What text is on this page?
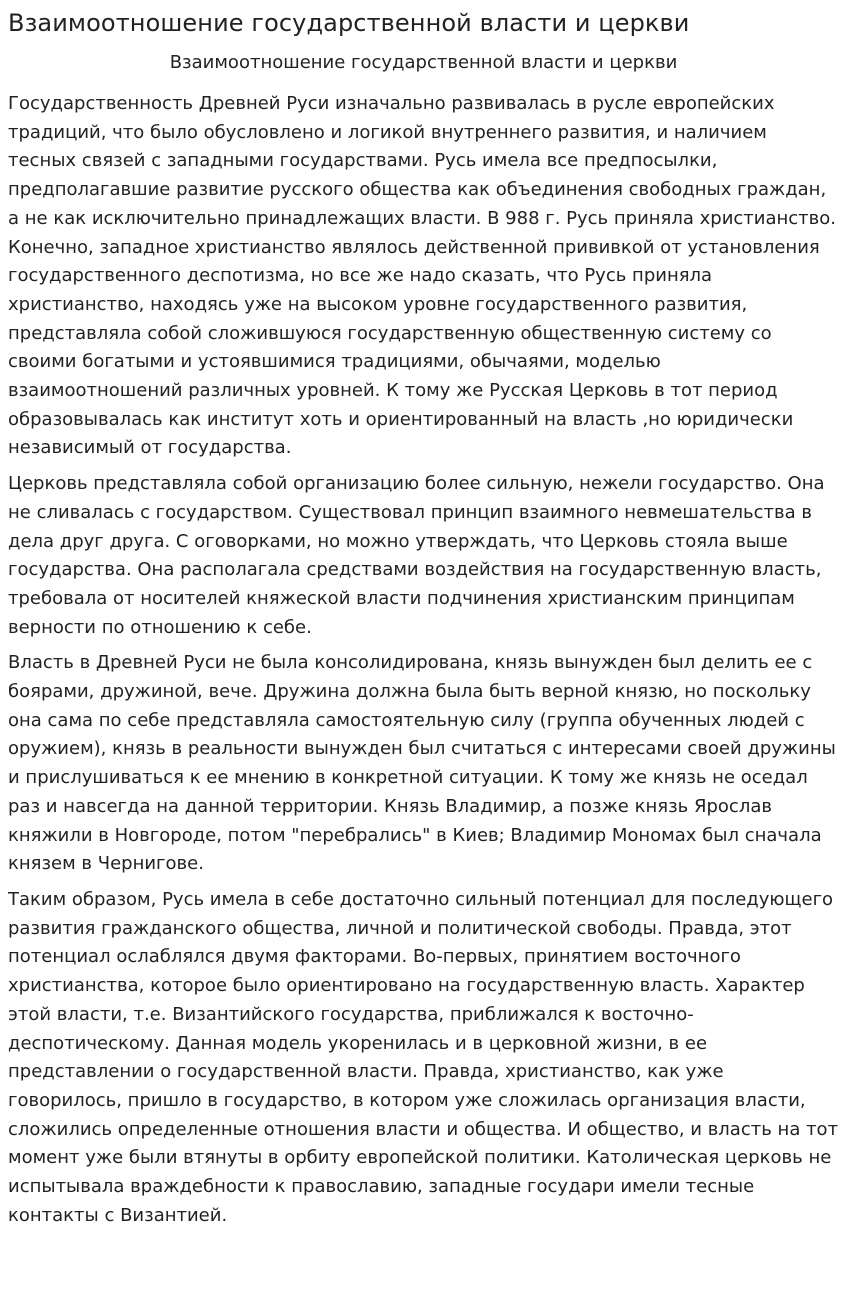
Взаимоотношение государственной власти и церкви
Взаимоотношение государственной власти и церкви

Государственность Древней Руси изначально развивалась в русле европейских традиций, что было обусловлено и логикой внутреннего развития, и наличием тесных связей с западными государствами. Русь имела все предпосылки, предполагавшие развитие русского общества как объединения свободных граждан, а не как исключительно принадлежащих власти. В 988 г. Русь приняла христианство. Конечно, западное христианство являлось действенной прививкой от установления государственного деспотизма, но все же надо сказать, что Русь приняла христианство, находясь уже на высоком уровне государственного развития, представляла собой сложившуюся государственную общественную систему со своими богатыми и устоявшимися традициями, обычаями, моделью взаимоотношений различных уровней. К тому же Русская Церковь в тот период образовывалась как институт хоть и ориентированный на власть ,но юридически независимый от государства.

Церковь представляла собой организацию более сильную, нежели государство. Она не сливалась с государством. Существовал принцип взаимного невмешательства в дела друг друга. С оговорками, но можно утверждать, что Церковь стояла выше государства. Она располагала средствами воздействия на государственную власть, требовала от носителей княжеской власти подчинения христианским принципам верности по отношению к себе.

Власть в Древней Руси не была консолидирована, князь вынужден был делить ее с боярами, дружиной, вече. Дружина должна была быть верной князю, но поскольку она сама по себе представляла самостоятельную силу (группа обученных людей с оружием), князь в реальности вынужден был считаться с интересами своей дружины и прислушиваться к ее мнению в конкретной ситуации. К тому же князь не оседал раз и навсегда на данной территории. Князь Владимир, а позже князь Ярослав княжили в Новгороде, потом "перебрались" в Киев; Владимир Мономах был сначала князем в Чернигове.

Таким образом, Русь имела в себе достаточно сильный потенциал для последующего развития гражданского общества, личной и политической свободы. Правда, этот потенциал ослаблялся двумя факторами. Во-первых, принятием восточного христианства, которое было ориентировано на государственную власть. Характер этой власти, т.е. Византийского государства, приближался к восточно-деспотическому. Данная модель укоренилась и в церковной жизни, в ее представлении о государственной власти. Правда, христианство, как уже говорилось, пришло в государство, в котором уже сложилась организация власти, сложились определенные отношения власти и общества. И общество, и власть на тот момент уже были втянуты в орбиту европейской политики. Католическая церковь не испытывала враждебности к православию, западные государи имели тесные контакты с Византией.
